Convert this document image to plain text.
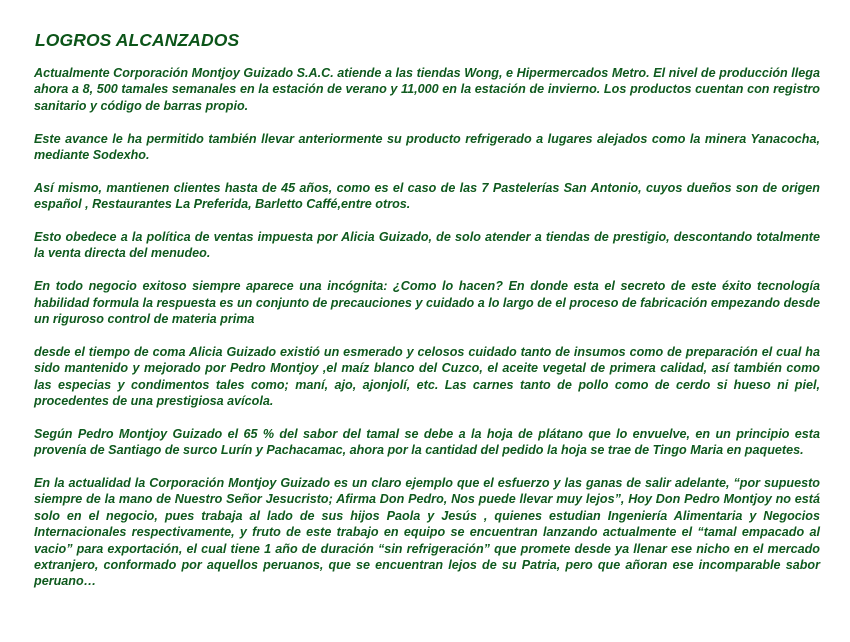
LOGROS ALCANZADOS

Actualmente Corporación Montjoy Guizado S.A.C. atiende a las tiendas Wong, e Hipermercados Metro. El nivel de producción llega ahora a 8, 500 tamales semanales en la estación de verano y 11,000 en la estación de invierno. Los productos cuentan con registro sanitario y código de barras propio.

Este avance le ha permitido también llevar anteriormente su producto refrigerado a lugares alejados como la minera Yanacocha, mediante Sodexho.

Así mismo, mantienen clientes hasta de 45 años, como es el caso de las 7 Pastelerías San Antonio, cuyos dueños son de origen español , Restaurantes La Preferida, Barletto Caffé,entre otros.

Esto obedece a la política de ventas impuesta por Alicia Guizado, de solo atender a tiendas de prestigio, descontando totalmente la venta directa del menudeo.

En todo negocio exitoso siempre aparece una incógnita: ¿Como lo hacen? En donde esta el secreto de este éxito tecnología habilidad formula la respuesta es un conjunto de precauciones y cuidado a lo largo de el proceso de fabricación empezando desde un riguroso control de materia prima

desde el tiempo de coma Alicia Guizado existió un esmerado y celosos cuidado tanto de insumos como de preparación el cual ha sido mantenido y mejorado por Pedro Montjoy ,el maíz blanco del Cuzco, el aceite vegetal de primera calidad, así también como las especias y condimentos tales como; maní, ajo, ajonjolí, etc. Las carnes tanto de pollo como de cerdo si hueso ni piel, procedentes de una prestigiosa avícola.

Según Pedro Montjoy Guizado el 65 % del sabor del tamal se debe a la hoja de plátano que lo envuelve, en un principio esta provenía de Santiago de surco Lurín y Pachacamac, ahora por la cantidad del pedido la hoja se trae de Tingo Maria en paquetes.

En la actualidad la Corporación Montjoy Guizado es un claro ejemplo que el esfuerzo y las ganas de salir adelante, “por supuesto siempre de la mano de Nuestro Señor Jesucristo; Afirma Don Pedro, Nos puede llevar muy lejos”, Hoy Don Pedro Montjoy no está solo en el negocio, pues trabaja al lado de sus hijos Paola y Jesús , quienes estudian Ingeniería Alimentaria y Negocios Internacionales respectivamente, y fruto de este trabajo en equipo se encuentran lanzando actualmente el “tamal empacado al vacio” para exportación, el cual tiene 1 año de duración “sin refrigeración” que promete desde ya llenar ese nicho en el mercado extranjero, conformado por aquellos peruanos, que se encuentran lejos de su Patria, pero que añoran ese incomparable sabor peruano…
